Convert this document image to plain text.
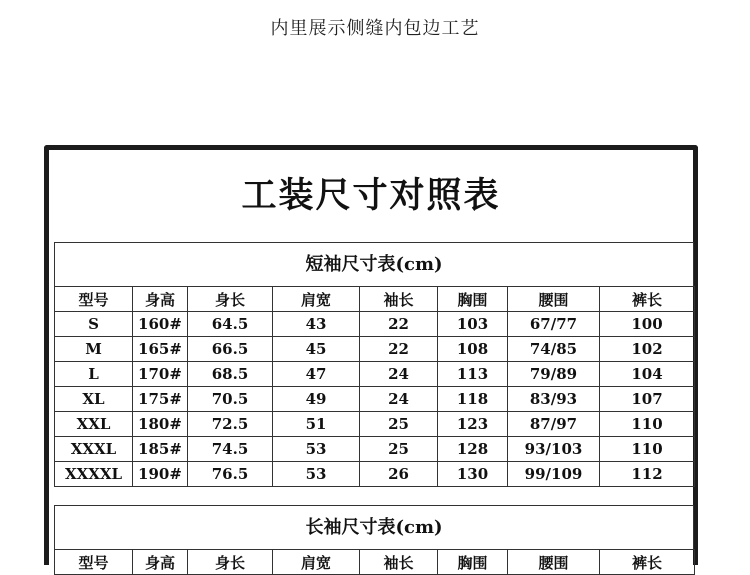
内里展示侧缝内包边工艺
工装尺寸对照表
短袖尺寸表(cm)
型号	身高	身长	肩宽	袖长	胸围	腰围	裤长
S	160#	64.5	43	22	103	67/77	100
M	165#	66.5	45	22	108	74/85	102
L	170#	68.5	47	24	113	79/89	104
XL	175#	70.5	49	24	118	83/93	107
XXL	180#	72.5	51	25	123	87/97	110
XXXL	185#	74.5	53	25	128	93/103	110
XXXXL	190#	76.5	53	26	130	99/109	112
长袖尺寸表(cm)
型号	身高	身长	肩宽	袖长	胸围	腰围	裤长
